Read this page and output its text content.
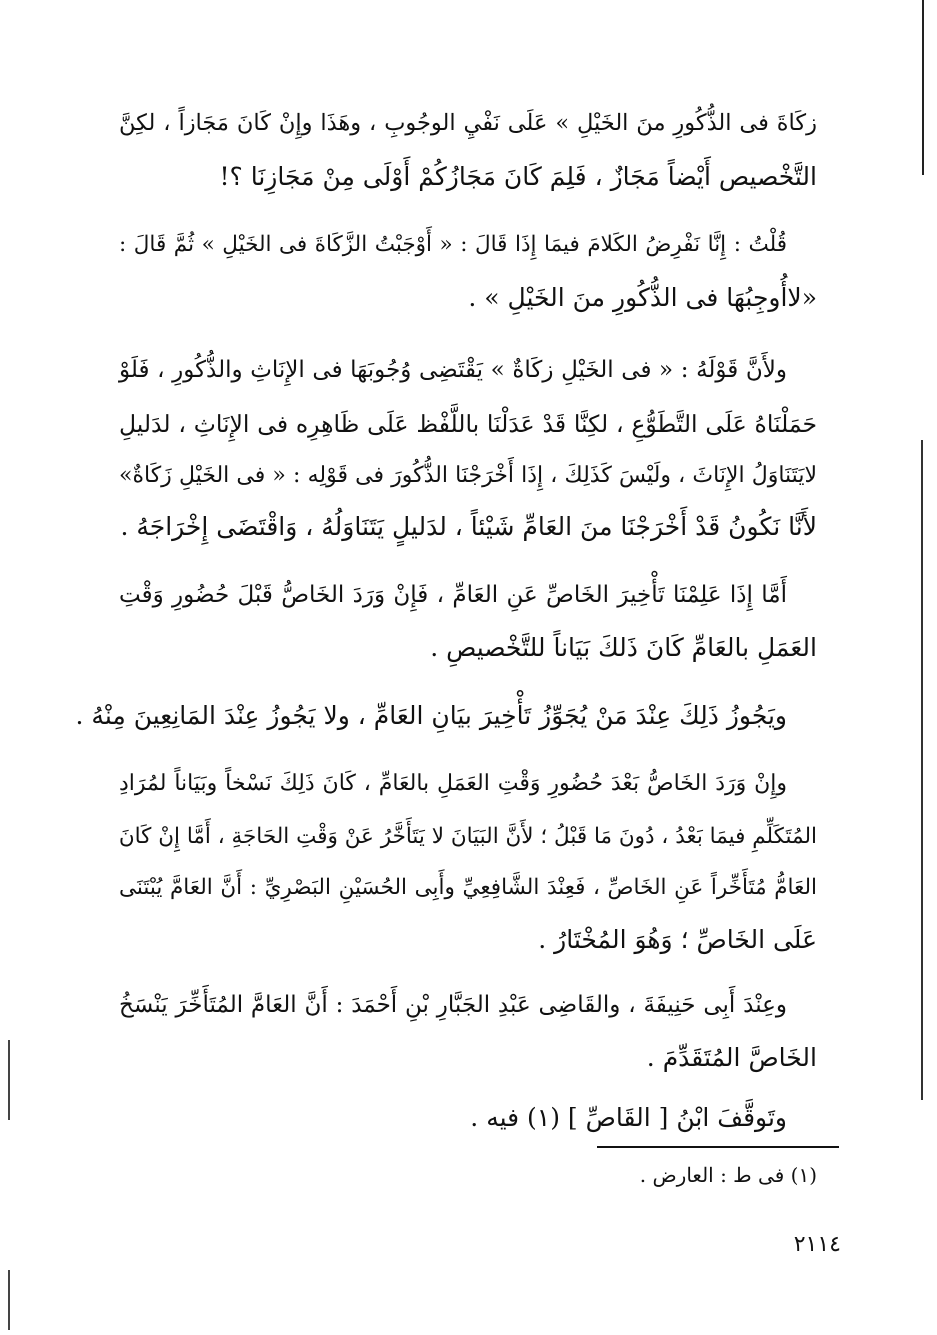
زكَاةَ فى الذُّكُورِ منَ الخَيْلِ » عَلَى نَفْيِ الوجُوبِ ، وهَذَا وإِنْ كَانَ مَجَازاً ، لكِنَّ
التَّخْصيص أَيْضاً مَجَازٌ ، فَلِمَ كَانَ مَجَازُكُمْ أَوْلَى مِنْ مَجَازِنَا ؟!
قُلْتُ : إِنَّا نَفْرِضُ الكَلامَ فيمَا إِذَا قَالَ : « أَوْجَبْتُ الزَّكَاةَ فى الخَيْلِ » ثُمَّ قَالَ :
«لاأُوجِبُهَا فى الذُّكُورِ منَ الخَيْلِ » .
ولأَنَّ قَوْلَهُ : « فى الخَيْلِ زكَاةٌ » يَقْتَضِى وُجُوبَهَا فى الإِنَاثِ والذُّكُورِ ، فَلَوْ
حَمَلْنَاهُ عَلَى التَّطَوُّعِ ، لكِنَّا قَدْ عَدَلْنَا باللَّفْظ عَلَى ظَاهِرِه فى الإِنَاثِ ، لدَليلِ
لايَتَنَاوَلُ الإِنَاثَ ، ولَيْسَ كَذَلِكَ ، إِذَا أَخْرَجْنَا الذُّكُورَ فى قَوْلِه : « فى الخَيْلِ زَكَاةٌ»
لأَنَّا نَكُونُ قَدْ أَخْرَجْنَا منَ العَامِّ شَيْئاً ، لدَليلٍ يَتَنَاوَلُهُ ، وَاقْتَضَى إِخْرَاجَهُ .
أَمَّا إِذَا عَلِمْنَا تَأْخِيرَ الخَاصِّ عَنِ العَامِّ ، فَإِنْ وَرَدَ الخَاصُّ قَبْلَ حُضُورِ وَقْتِ
العَمَلِ بالعَامِّ كَانَ ذَلكَ بَيَاناً للتَّخْصيصِ .
ويَجُوزُ ذَلِكَ عِنْدَ مَنْ يُجَوِّزُ تَأْخِيرَ بيَانِ العَامِّ ، ولا يَجُوزُ عِنْدَ المَانِعِينَ مِنْهُ .
وإِنْ وَرَدَ الخَاصُّ بَعْدَ حُضُورِ وَقْتِ العَمَلِ بالعَامِّ ، كَانَ ذَلِكَ نَسْخاً وبَيَاناً لمُرَادِ
المُتَكَلِّمِ فيمَا بَعْدُ ، دُونَ مَا قَبْلُ ؛ لأَنَّ البَيَانَ لا يَتَأَخَّرُ عَنْ وَقْتِ الحَاجَةِ ، أَمَّا إِنْ كَانَ
العَامُّ مُتَأَخِّراً عَنِ الخَاصِّ ، فَعِنْدَ الشَّافِعِيِّ وأَبِى الحُسَيْنِ البَصْرِيِّ : أَنَّ العَامَّ يُبْتَنَى
عَلَى الخَاصِّ ؛ وَهُوَ المُخْتَارُ .
وعِنْدَ أَبِى حَنِيفَةَ ، والقَاضِى عَبْدِ الجَبَّارِ بْنِ أَحْمَدَ : أَنَّ العَامَّ المُتَأَخِّرَ يَنْسَخُ
الخَاصَّ المُتَقَدِّمَ .
وتَوقَّفَ ابْنُ [ القَاصِّ ] (١) فيه .
(١) فى ط : العارض .
٢١١٤
